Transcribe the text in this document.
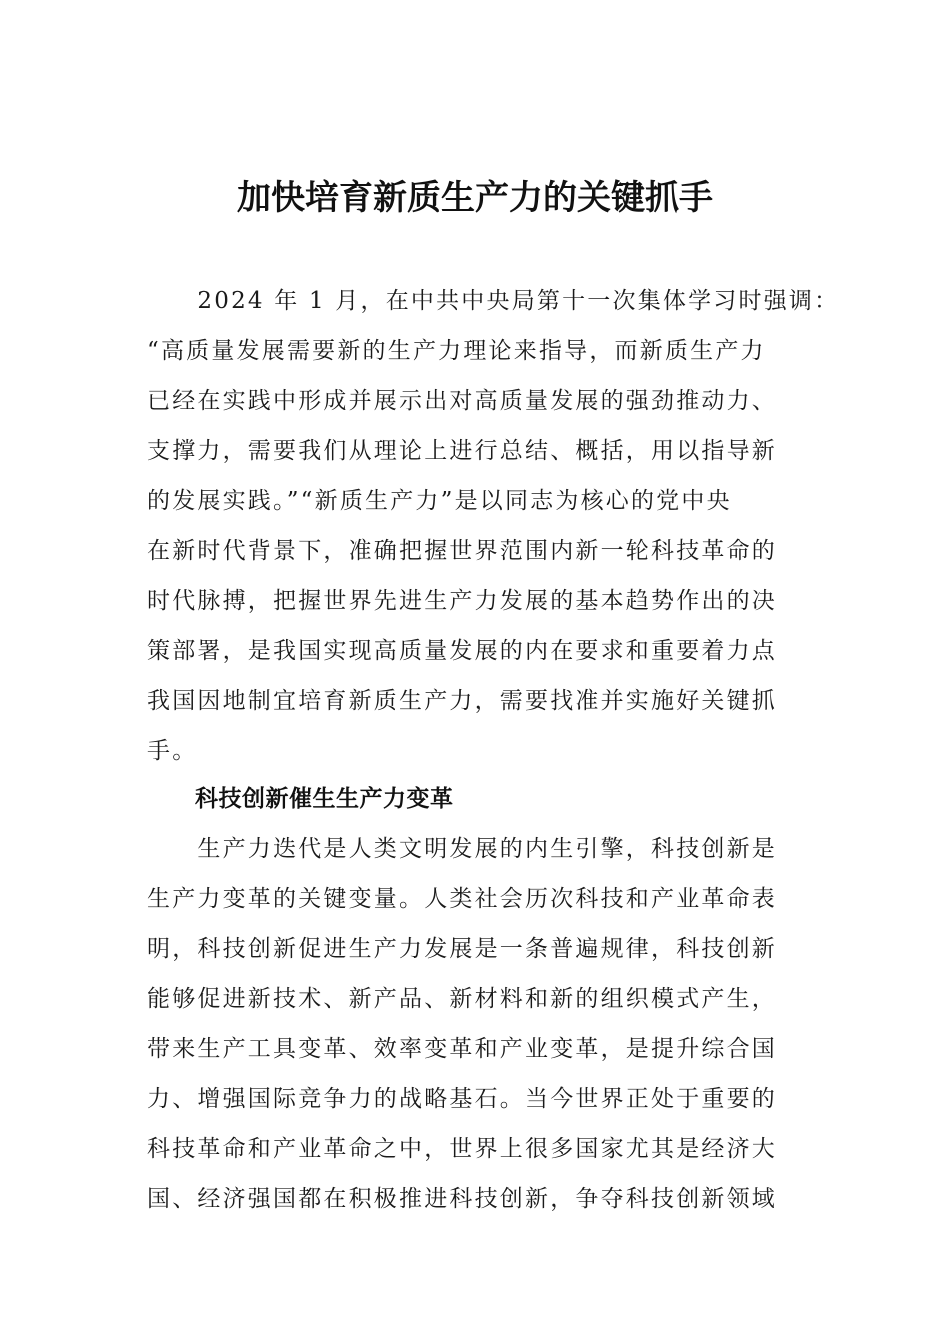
加快培育新质生产力的关键抓手
　　2024 年 1 月，在中共中央局第十一次集体学习时强调：
“高质量发展需要新的生产力理论来指导，而新质生产力
已经在实践中形成并展示出对高质量发展的强劲推动力、
支撑力，需要我们从理论上进行总结、概括，用以指导新
的发展实践。”“新质生产力”是以同志为核心的党中央
在新时代背景下，准确把握世界范围内新一轮科技革命的
时代脉搏，把握世界先进生产力发展的基本趋势作出的决
策部署，是我国实现高质量发展的内在要求和重要着力点
我国因地制宜培育新质生产力，需要找准并实施好关键抓
手。
科技创新催生生产力变革
　　生产力迭代是人类文明发展的内生引擎，科技创新是
生产力变革的关键变量。人类社会历次科技和产业革命表
明，科技创新促进生产力发展是一条普遍规律，科技创新
能够促进新技术、新产品、新材料和新的组织模式产生，
带来生产工具变革、效率变革和产业变革，是提升综合国
力、增强国际竞争力的战略基石。当今世界正处于重要的
科技革命和产业革命之中，世界上很多国家尤其是经济大
国、经济强国都在积极推进科技创新，争夺科技创新领域
